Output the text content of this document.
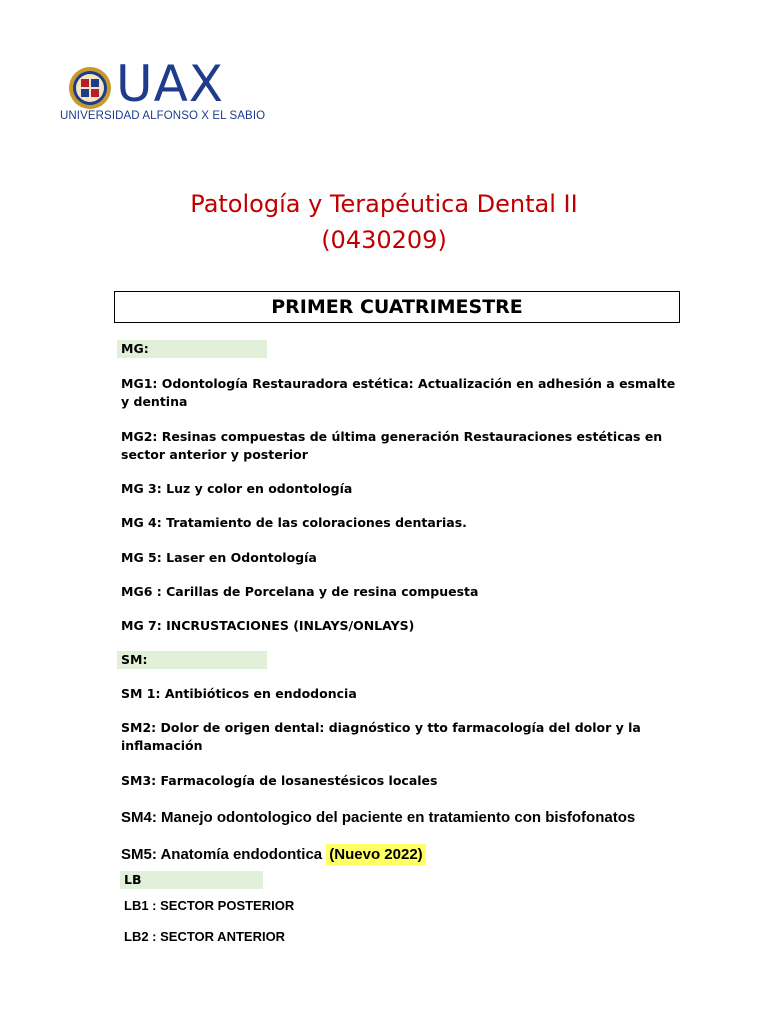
UAX
UNIVERSIDAD ALFONSO X EL SABIO
Patología y Terapéutica Dental II
(0430209)
PRIMER CUATRIMESTRE
MG:
MG1: Odontología Restauradora estética: Actualización en adhesión a esmalte y dentina
MG2: Resinas compuestas de última generación Restauraciones estéticas en sector anterior y posterior
MG 3: Luz y color en odontología
MG 4: Tratamiento de las coloraciones dentarias.
MG 5: Laser en Odontología
MG6 : Carillas de Porcelana y de resina compuesta
MG 7: INCRUSTACIONES (INLAYS/ONLAYS)
SM:
SM 1: Antibióticos en endodoncia
SM2: Dolor de origen dental: diagnóstico y tto farmacología del dolor y la inflamación
SM3: Farmacología de losanestésicos locales
SM4: Manejo odontologico del paciente en tratamiento con bisfofonatos
SM5: Anatomía endodontica (Nuevo 2022)
LB
LB1 : SECTOR POSTERIOR
LB2 : SECTOR ANTERIOR
